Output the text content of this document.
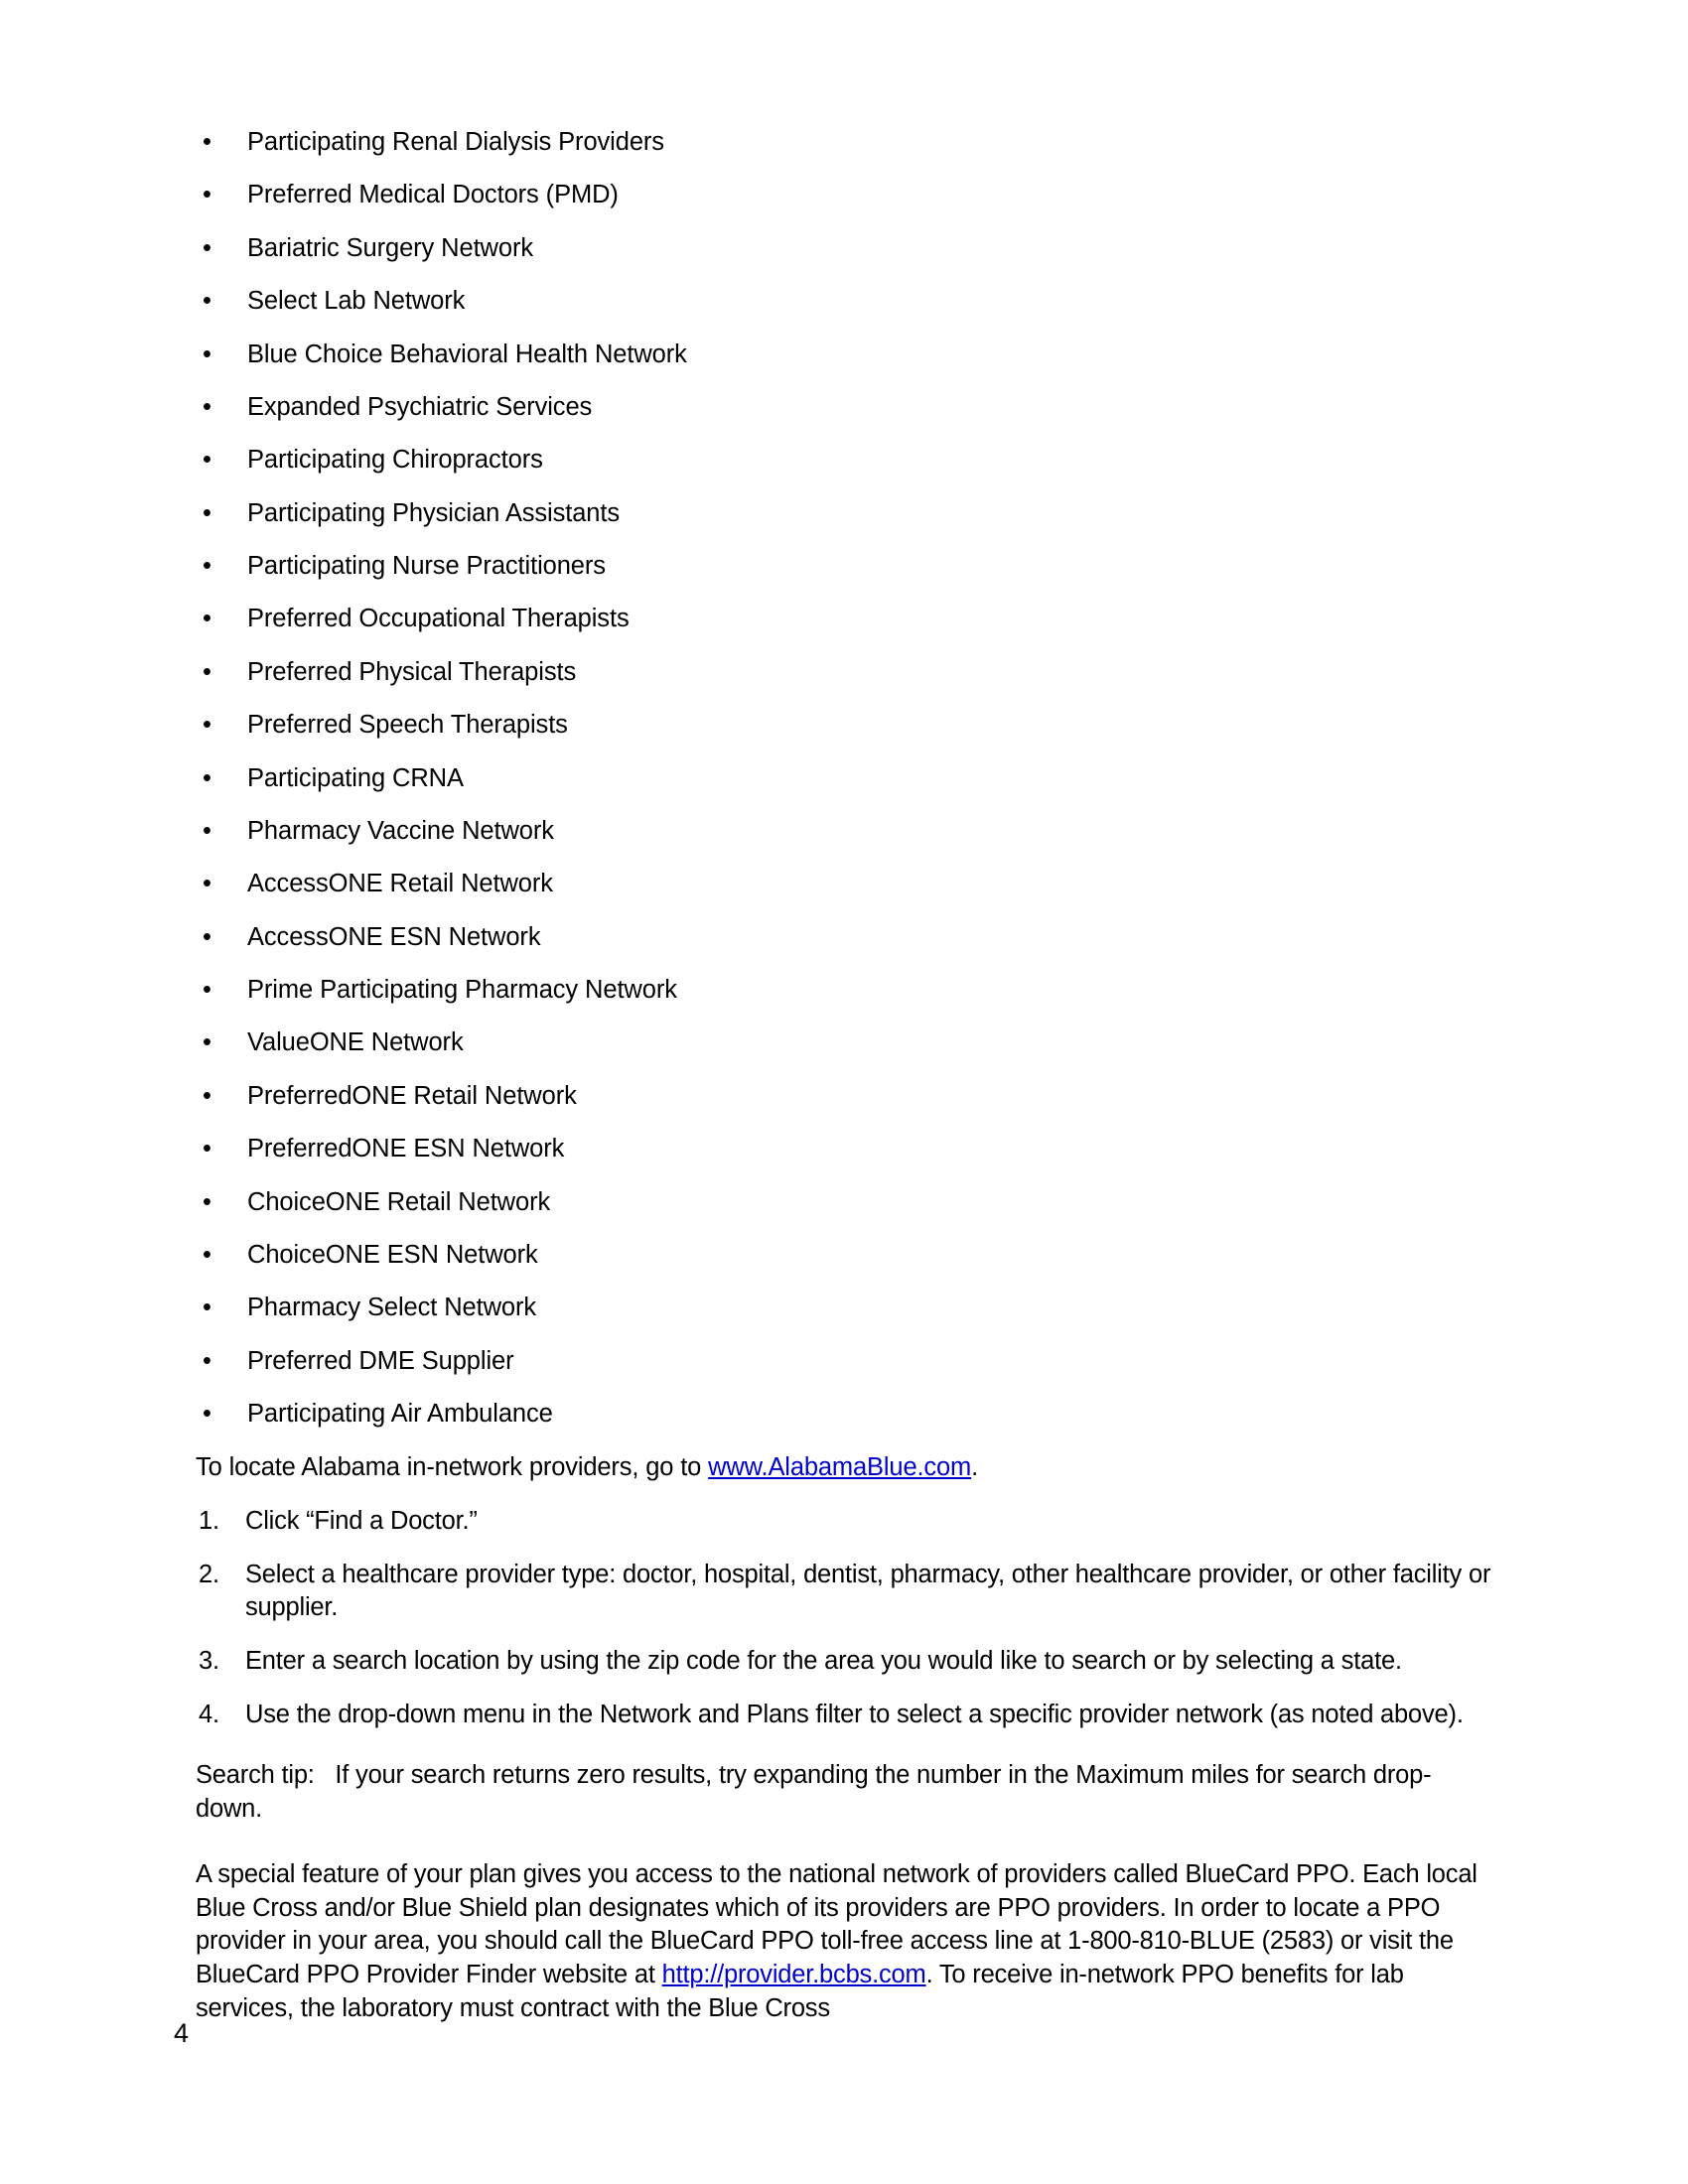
• Participating Renal Dialysis Providers
• Preferred Medical Doctors (PMD)
• Bariatric Surgery Network
• Select Lab Network
• Blue Choice Behavioral Health Network
• Expanded Psychiatric Services
• Participating Chiropractors
• Participating Physician Assistants
• Participating Nurse Practitioners
• Preferred Occupational Therapists
• Preferred Physical Therapists
• Preferred Speech Therapists
• Participating CRNA
• Pharmacy Vaccine Network
• AccessONE Retail Network
• AccessONE ESN Network
• Prime Participating Pharmacy Network
• ValueONE Network
• PreferredONE Retail Network
• PreferredONE ESN Network
• ChoiceONE Retail Network
• ChoiceONE ESN Network
• Pharmacy Select Network
• Preferred DME Supplier
• Participating Air Ambulance

To locate Alabama in-network providers, go to www.AlabamaBlue.com.

1. Click “Find a Doctor.”
2. Select a healthcare provider type: doctor, hospital, dentist, pharmacy, other healthcare provider, or other facility or supplier.
3. Enter a search location by using the zip code for the area you would like to search or by selecting a state.
4. Use the drop-down menu in the Network and Plans filter to select a specific provider network (as noted above).

Search tip:   If your search returns zero results, try expanding the number in the Maximum miles for search drop-down.

A special feature of your plan gives you access to the national network of providers called BlueCard PPO. Each local Blue Cross and/or Blue Shield plan designates which of its providers are PPO providers. In order to locate a PPO provider in your area, you should call the BlueCard PPO toll-free access line at 1-800-810-BLUE (2583) or visit the BlueCard PPO Provider Finder website at http://provider.bcbs.com. To receive in-network PPO benefits for lab services, the laboratory must contract with the Blue Cross

4
